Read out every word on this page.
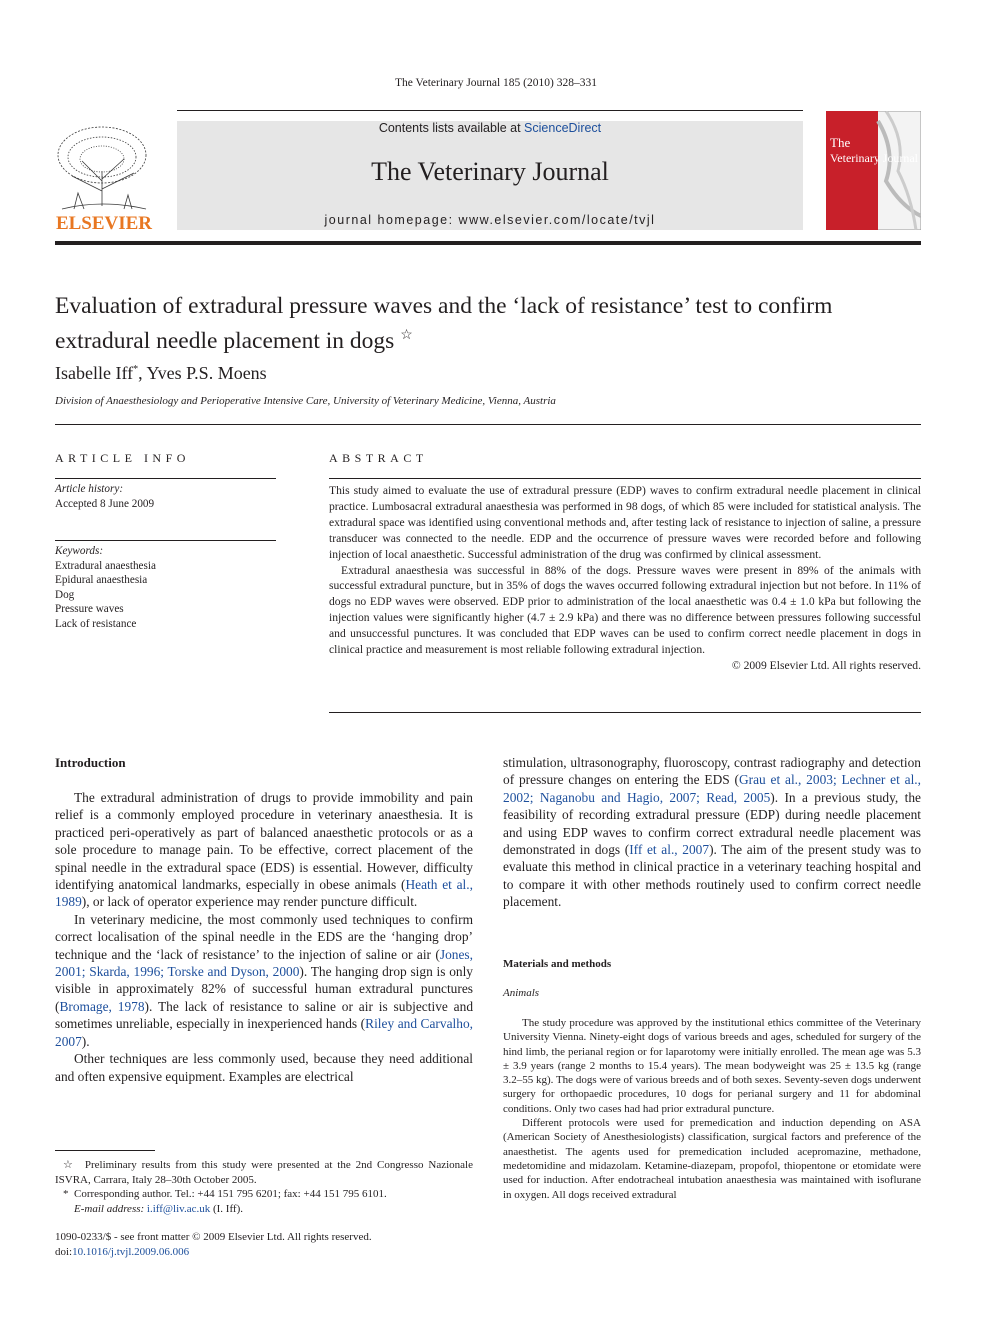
The Veterinary Journal 185 (2010) 328–331
ELSEVIER
Contents lists available at ScienceDirect
The Veterinary Journal
journal homepage: www.elsevier.com/locate/tvjl
The
Veterinary Journal
Evaluation of extradural pressure waves and the ‘lack of resistance’ test to confirm extradural needle placement in dogs ☆
Isabelle Iff*, Yves P.S. Moens
Division of Anaesthesiology and Perioperative Intensive Care, University of Veterinary Medicine, Vienna, Austria
ARTICLE INFO
Article history:
Accepted 8 June 2009
Keywords:
Extradural anaesthesia
Epidural anaesthesia
Dog
Pressure waves
Lack of resistance
ABSTRACT

This study aimed to evaluate the use of extradural pressure (EDP) waves to confirm extradural needle placement in clinical practice. Lumbosacral extradural anaesthesia was performed in 98 dogs, of which 85 were included for statistical analysis. The extradural space was identified using conventional methods and, after testing lack of resistance to injection of saline, a pressure transducer was connected to the needle. EDP and the occurrence of pressure waves were recorded before and following injection of local anaesthetic. Successful administration of the drug was confirmed by clinical assessment.

Extradural anaesthesia was successful in 88% of the dogs. Pressure waves were present in 89% of the animals with successful extradural puncture, but in 35% of dogs the waves occurred following extradural injection but not before. In 11% of dogs no EDP waves were observed. EDP prior to administration of the local anaesthetic was 0.4 ± 1.0 kPa but following the injection values were significantly higher (4.7 ± 2.9 kPa) and there was no difference between pressures following successful and unsuccessful punctures. It was concluded that EDP waves can be used to confirm correct needle placement in dogs in clinical practice and measurement is most reliable following extradural injection.

© 2009 Elsevier Ltd. All rights reserved.

Introduction

The extradural administration of drugs to provide immobility and pain relief is a commonly employed procedure in veterinary anaesthesia. It is practiced peri-operatively as part of balanced anaesthetic protocols or as a sole procedure to manage pain. To be effective, correct placement of the spinal needle in the extradural space (EDS) is essential. However, difficulty identifying anatomical landmarks, especially in obese animals (Heath et al., 1989), or lack of operator experience may render puncture difficult.

In veterinary medicine, the most commonly used techniques to confirm correct localisation of the spinal needle in the EDS are the ‘hanging drop’ technique and the ‘lack of resistance’ to the injection of saline or air (Jones, 2001; Skarda, 1996; Torske and Dyson, 2000). The hanging drop sign is only visible in approximately 82% of successful human extradural punctures (Bromage, 1978). The lack of resistance to saline or air is subjective and sometimes unreliable, especially in inexperienced hands (Riley and Carvalho, 2007).

Other techniques are less commonly used, because they need additional and often expensive equipment. Examples are electrical

stimulation, ultrasonography, fluoroscopy, contrast radiography and detection of pressure changes on entering the EDS (Grau et al., 2003; Lechner et al., 2002; Naganobu and Hagio, 2007; Read, 2005). In a previous study, the feasibility of recording extradural pressure (EDP) during needle placement and using EDP waves to confirm correct extradural needle placement was demonstrated in dogs (Iff et al., 2007). The aim of the present study was to evaluate this method in clinical practice in a veterinary teaching hospital and to compare it with other methods routinely used to confirm correct needle placement.

Materials and methods
Animals

The study procedure was approved by the institutional ethics committee of the Veterinary University Vienna. Ninety-eight dogs of various breeds and ages, scheduled for surgery of the hind limb, the perianal region or for laparotomy were initially enrolled. The mean age was 5.3 ± 3.9 years (range 2 months to 15.4 years). The mean bodyweight was 25 ± 13.5 kg (range 3.2–55 kg). The dogs were of various breeds and of both sexes. Seventy-seven dogs underwent surgery for orthopaedic procedures, 10 dogs for perianal surgery and 11 for abdominal conditions. Only two cases had had prior extradural puncture.

Different protocols were used for premedication and induction depending on ASA (American Society of Anesthesiologists) classification, surgical factors and preference of the anaesthetist. The agents used for premedication included acepromazine, methadone, medetomidine and midazolam. Ketamine-diazepam, propofol, thiopentone or etomidate were used for induction. After endotracheal intubation anaesthesia was maintained with isoflurane in oxygen. All dogs received extradural

☆ Preliminary results from this study were presented at the 2nd Congresso Nazionale ISVRA, Carrara, Italy 28–30th October 2005.

* Corresponding author. Tel.: +44 151 795 6201; fax: +44 151 795 6101.

E-mail address: i.iff@liv.ac.uk (I. Iff).

1090-0233/$ - see front matter © 2009 Elsevier Ltd. All rights reserved.
doi:10.1016/j.tvjl.2009.06.006
